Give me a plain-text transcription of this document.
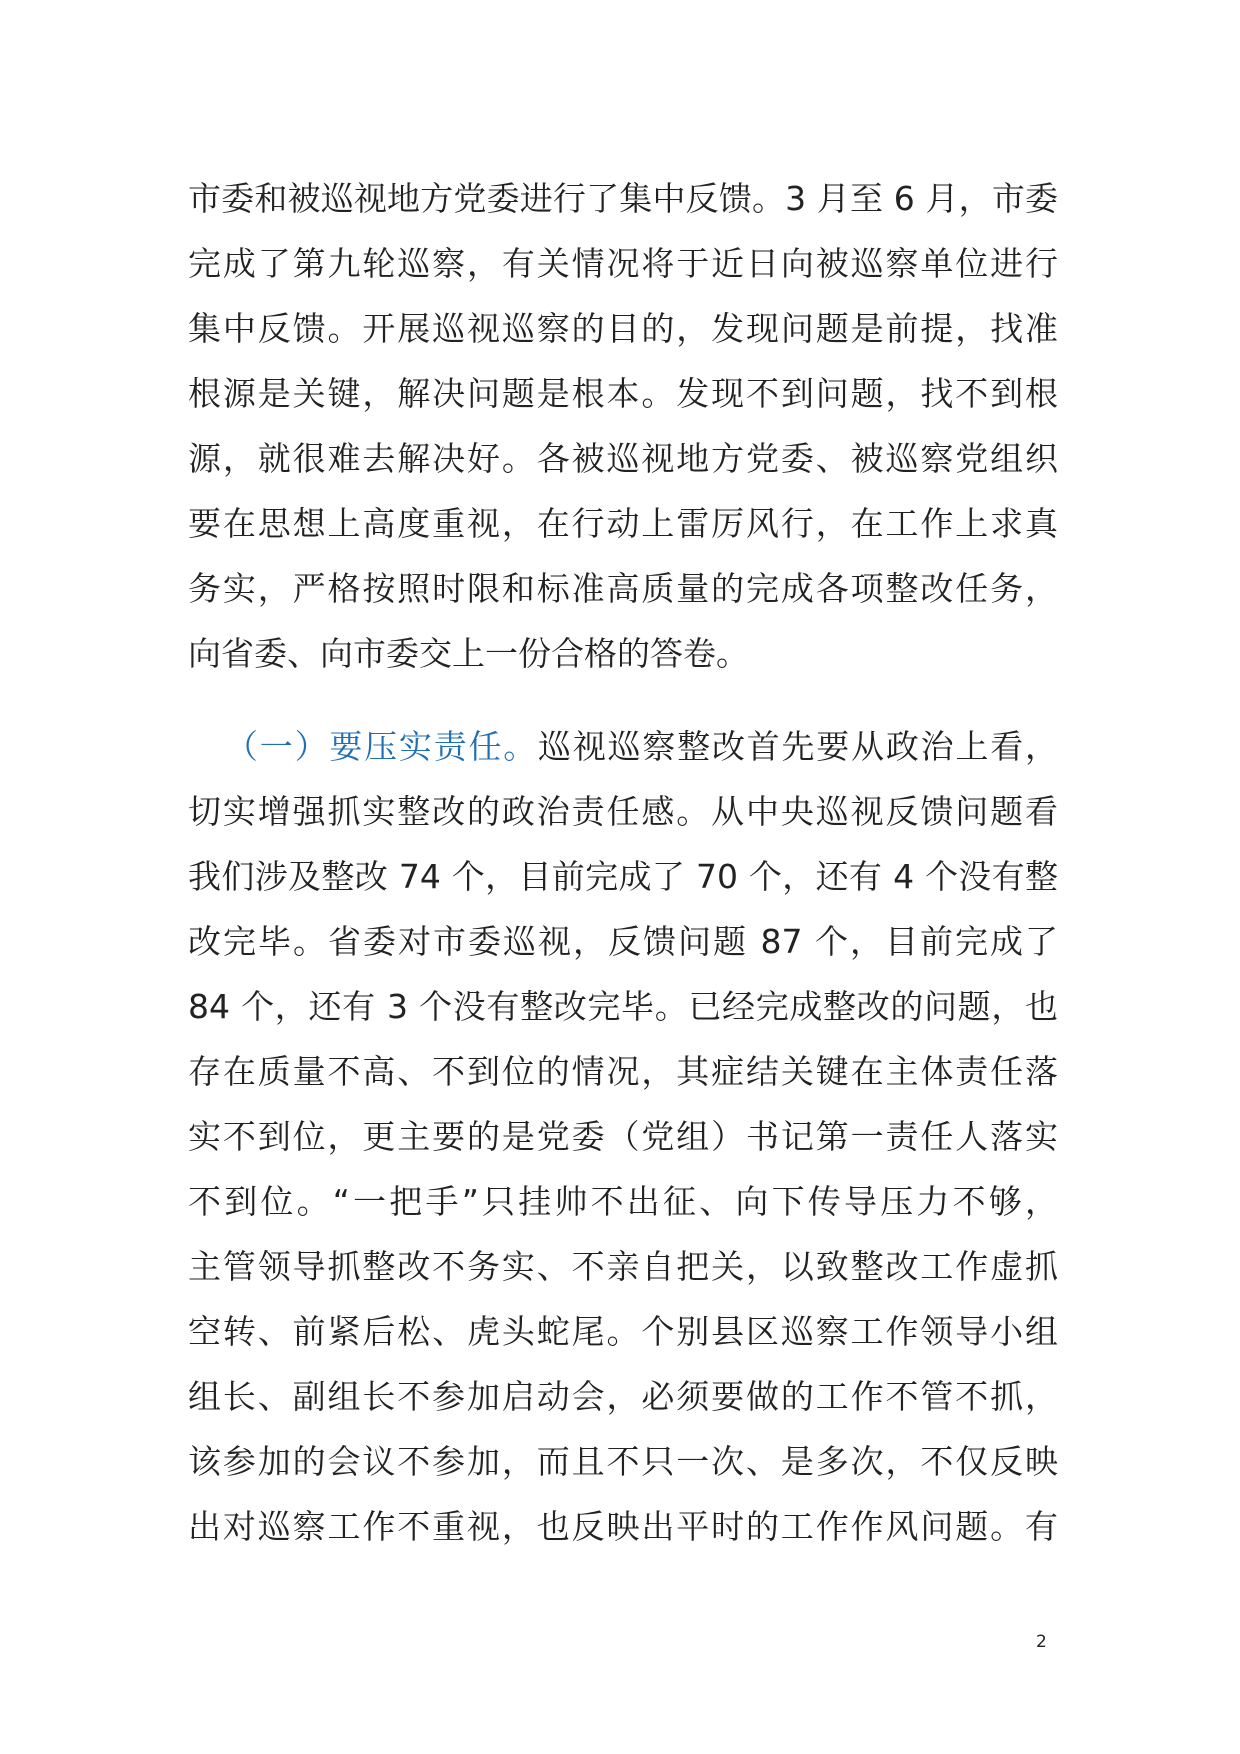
市委和被巡视地方党委进行了集中反馈。3 月至 6 月，市委
完成了第九轮巡察，有关情况将于近日向被巡察单位进行
集中反馈。开展巡视巡察的目的，发现问题是前提，找准
根源是关键，解决问题是根本。发现不到问题，找不到根
源，就很难去解决好。各被巡视地方党委、被巡察党组织
要在思想上高度重视，在行动上雷厉风行，在工作上求真
务实，严格按照时限和标准高质量的完成各项整改任务，
向省委、向市委交上一份合格的答卷。
（一）要压实责任。巡视巡察整改首先要从政治上看，
切实增强抓实整改的政治责任感。从中央巡视反馈问题看
我们涉及整改 74 个，目前完成了 70 个，还有 4 个没有整
改完毕。省委对市委巡视，反馈问题 87 个，目前完成了
84 个，还有 3 个没有整改完毕。已经完成整改的问题，也
存在质量不高、不到位的情况，其症结关键在主体责任落
实不到位，更主要的是党委（党组）书记第一责任人落实
不到位。“一把手”只挂帅不出征、向下传导压力不够，
主管领导抓整改不务实、不亲自把关，以致整改工作虚抓
空转、前紧后松、虎头蛇尾。个别县区巡察工作领导小组
组长、副组长不参加启动会，必须要做的工作不管不抓，
该参加的会议不参加，而且不只一次、是多次，不仅反映
出对巡察工作不重视，也反映出平时的工作作风问题。有
2
